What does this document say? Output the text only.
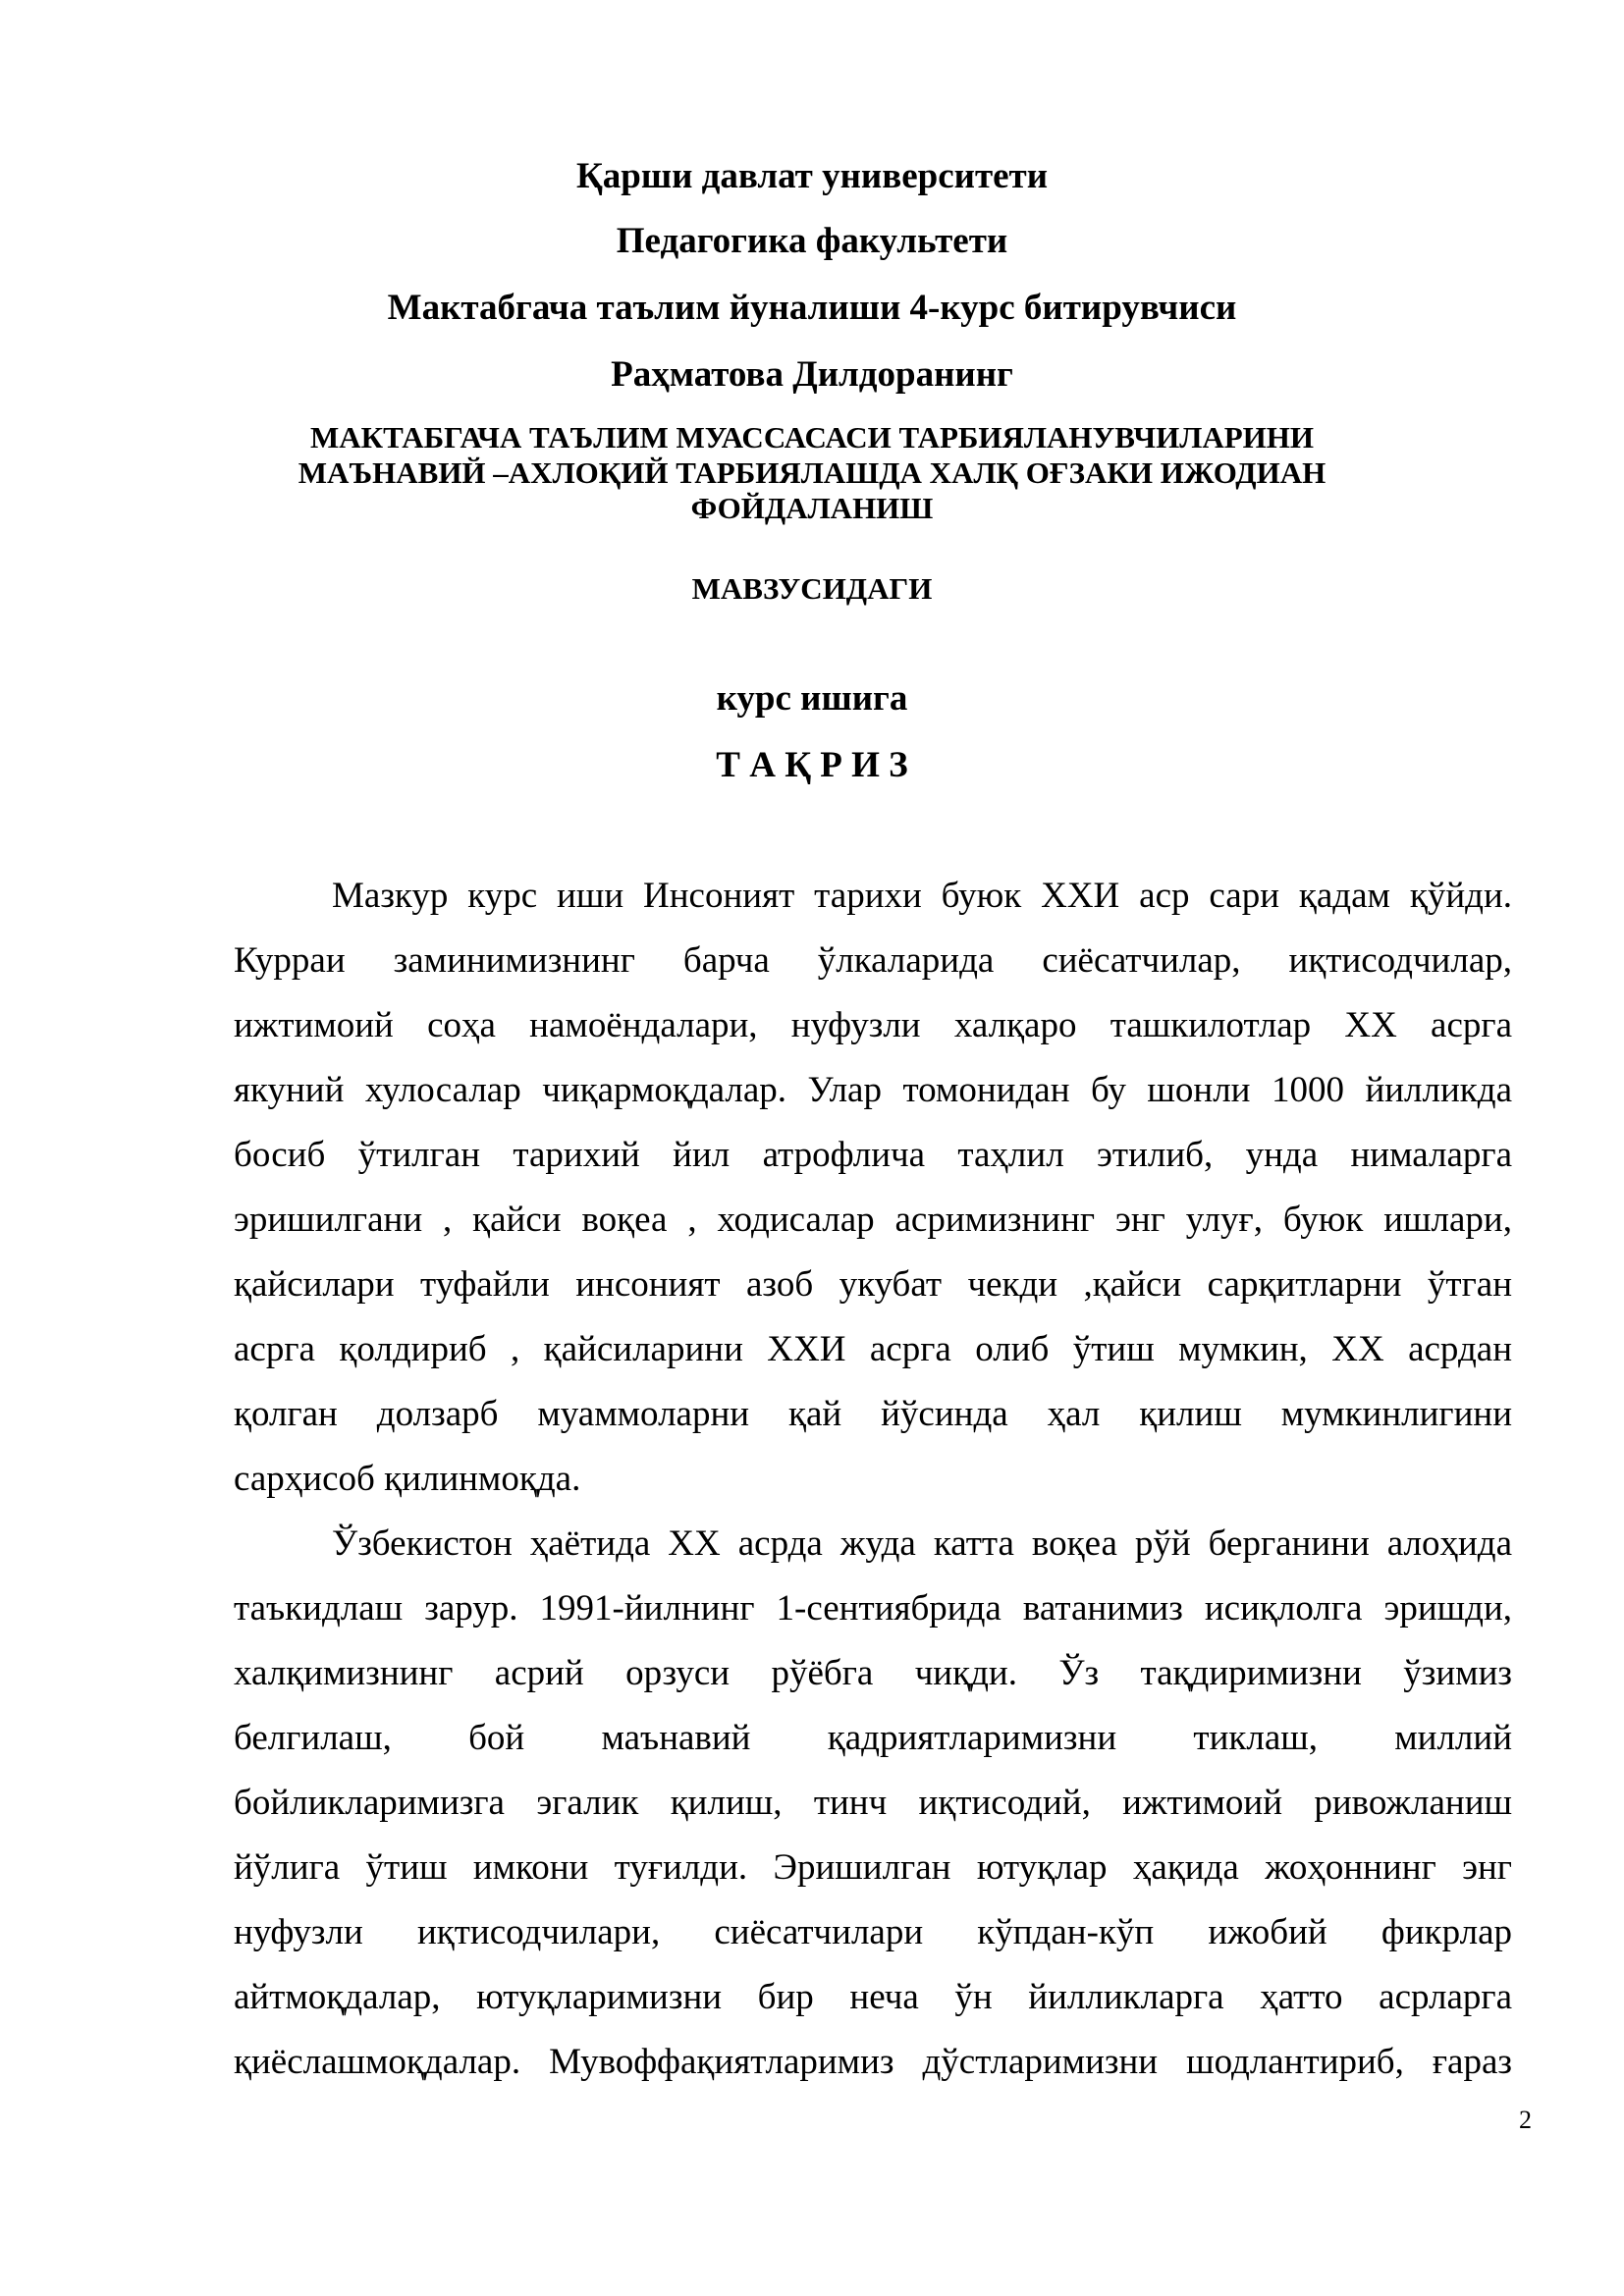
Қарши давлат университети
Педагогика факультети
Мактабгача таълим йуналиши 4-курс битирувчиси
Раҳматова Дилдоранинг
МАКТАБГАЧА ТАЪЛИМ МУАССАСАСИ ТАРБИЯЛАНУВЧИЛАРИНИ
МАЪНАВИЙ –АХЛОҚИЙ ТАРБИЯЛАШДА ХАЛҚ ОҒЗАКИ ИЖОДИАН
ФОЙДАЛАНИШ
МАВЗУСИДАГИ
курс ишига
Т А Қ Р И З
Мазкур курс иши Инсоният тарихи буюк XXИ аср сари қадам қўйди.
Курраи заминимизнинг барча ўлкаларида сиёсатчилар, иқтисодчилар,
ижтимоий соҳа намоёндалари, нуфузли халқаро ташкилотлар XX асрга
якуний хулосалар чиқармоқдалар. Улар томонидан бу шонли 1000 йилликда
босиб ўтилган тарихий йил атрофлича таҳлил этилиб, унда нималарга
эришилгани , қайси воқеа , ходисалар асримизнинг энг улуғ, буюк ишлари,
қайсилари туфайли инсоният азоб укубат чекди ,қайси сарқитларни ўтган
асрга қолдириб , қайсиларини XXИ асрга олиб ўтиш мумкин, XX асрдан
қолган долзарб муаммоларни қай йўсинда ҳал қилиш мумкинлигини
сарҳисоб қилинмоқда.
Ўзбекистон ҳаётида XX асрда жуда катта воқеа рўй берганини алоҳида
таъкидлаш зарур. 1991-йилнинг 1-сентиябрида ватанимиз исиқлолга эришди,
халқимизнинг асрий орзуси рўёбга чиқди. Ўз тақдиримизни ўзимиз
белгилаш, бой маънавий қадриятларимизни тиклаш, миллий
бойликларимизга эгалик қилиш, тинч иқтисодий, ижтимоий ривожланиш
йўлига ўтиш имкони туғилди. Эришилган ютуқлар ҳақида жоҳоннинг энг
нуфузли иқтисодчилари, сиёсатчилари кўпдан-кўп ижобий фикрлар
айтмоқдалар, ютуқларимизни бир неча ўн йилликларга ҳатто асрларга
қиёслашмоқдалар. Мувоффақиятларимиз дўстларимизни шодлантириб, ғараз
2
